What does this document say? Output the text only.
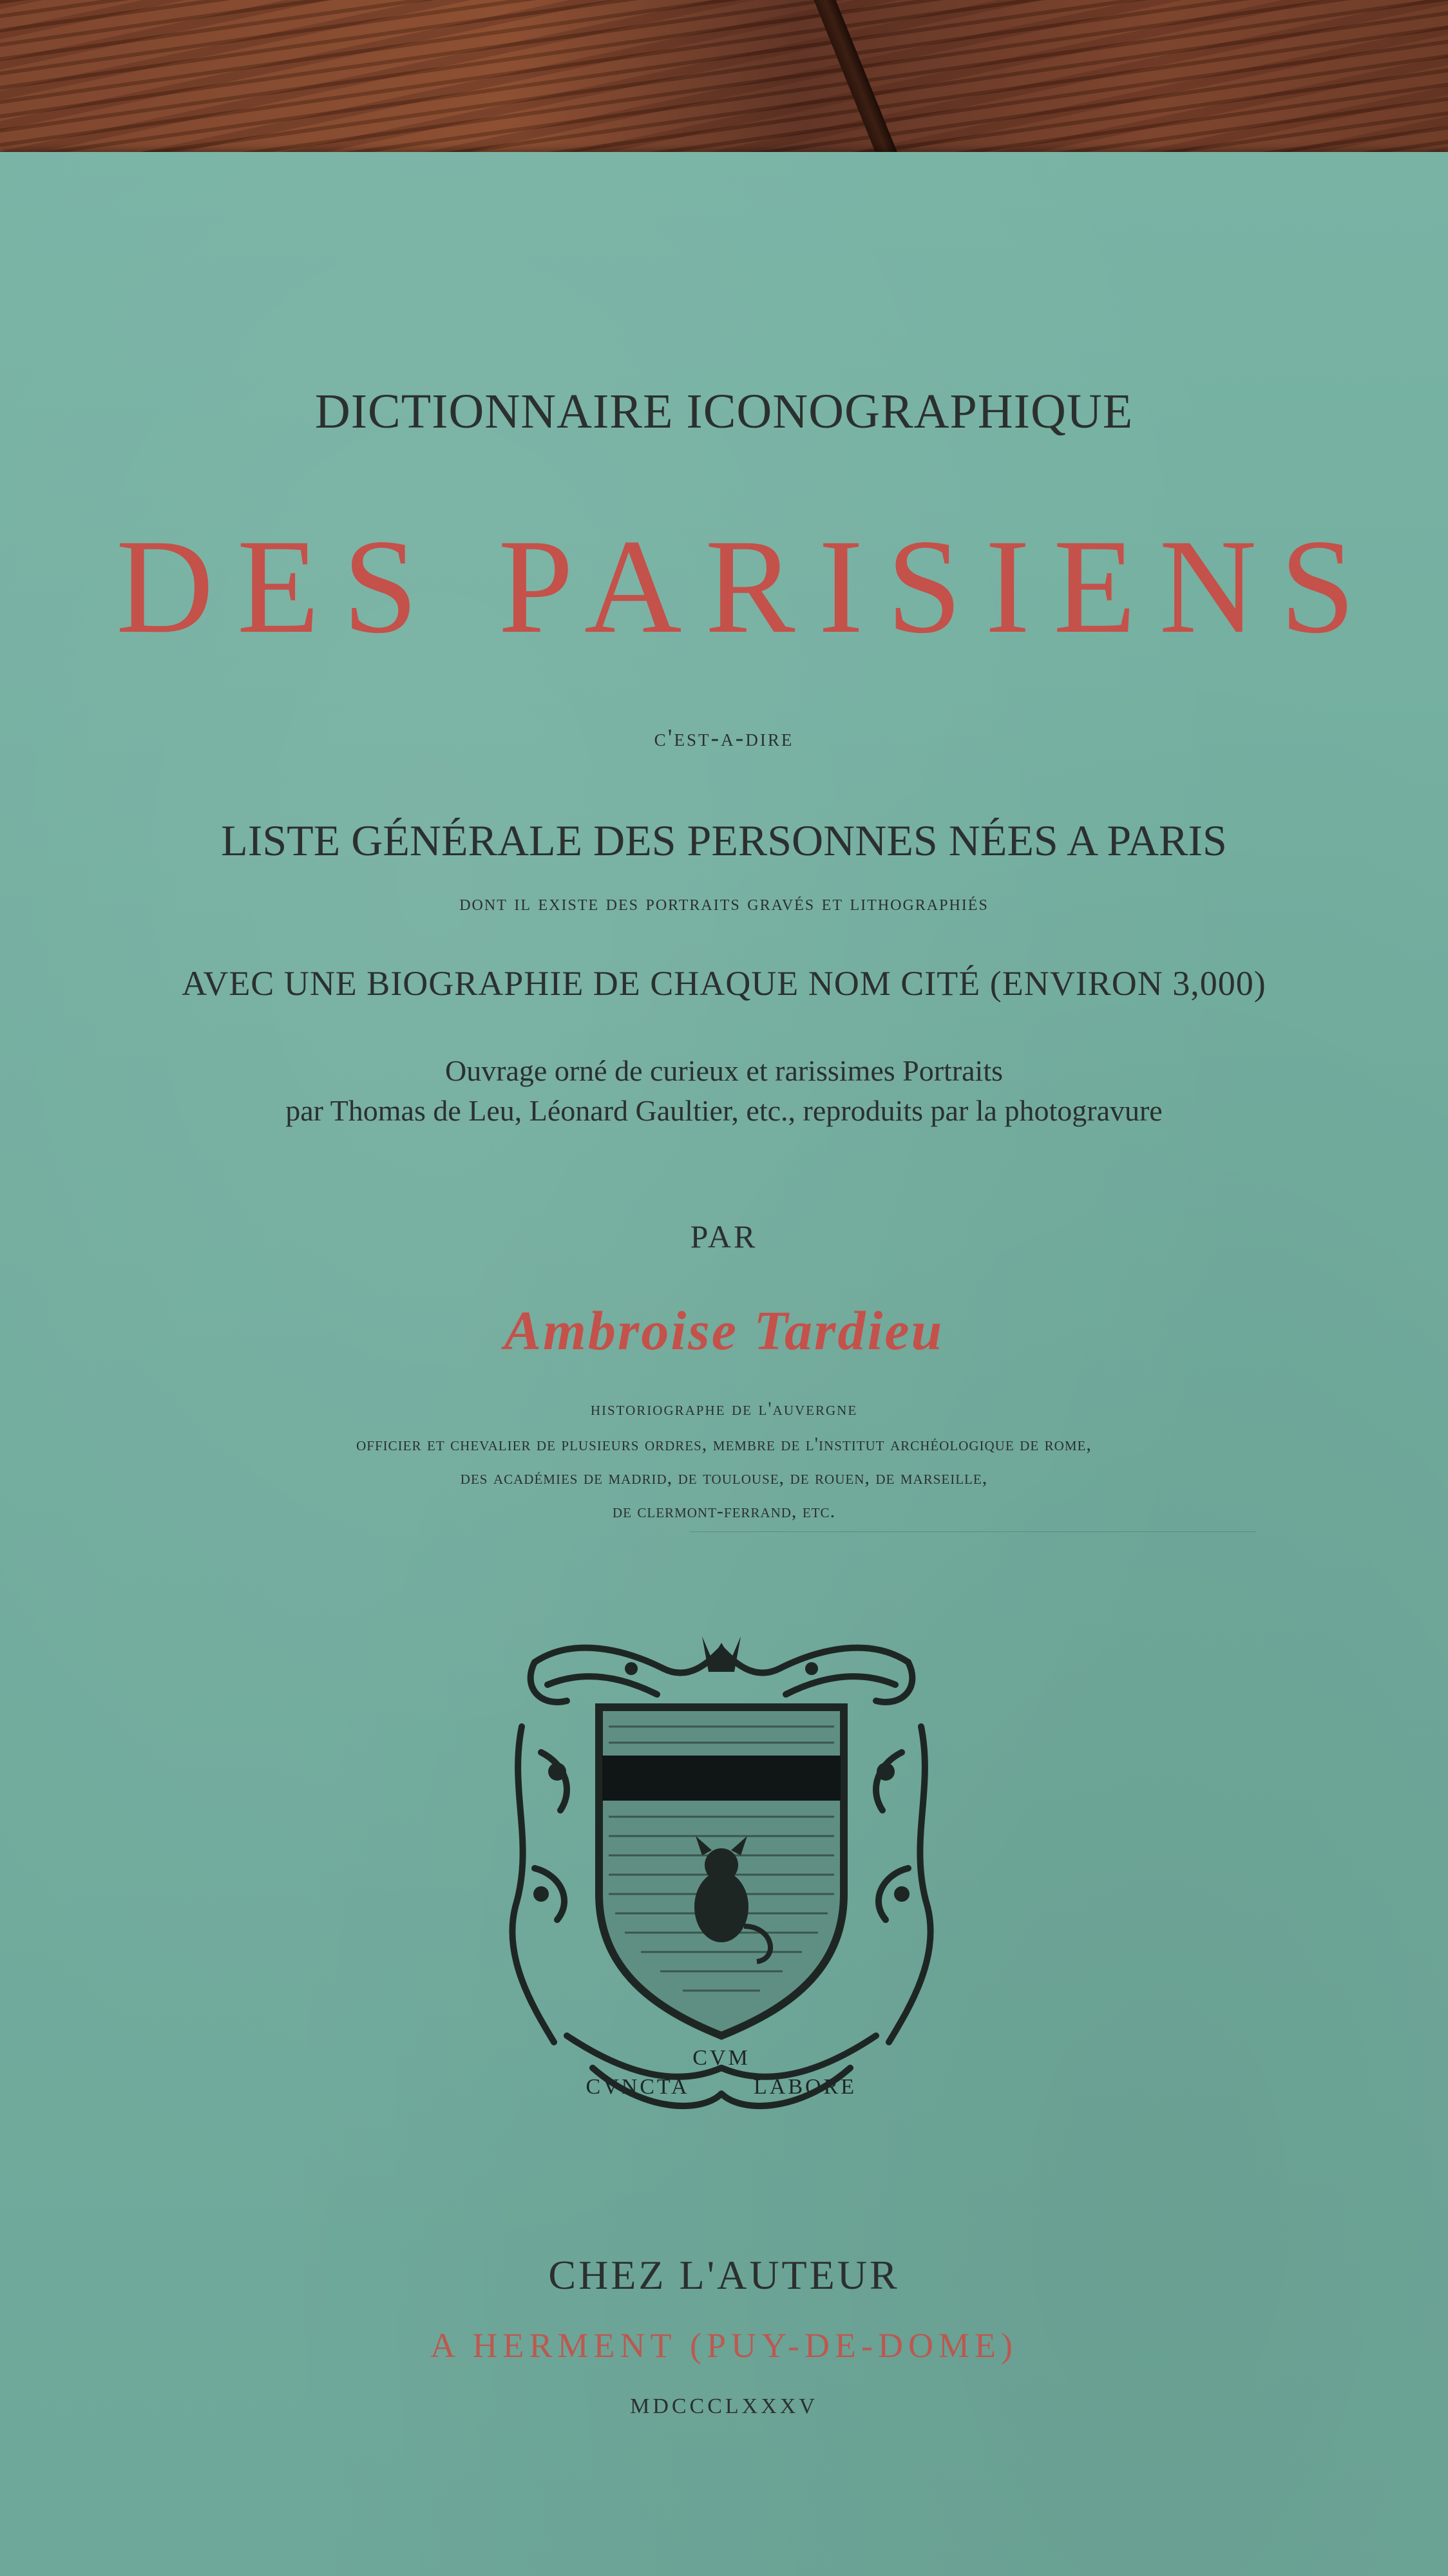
DICTIONNAIRE ICONOGRAPHIQUE
DES PARISIENS
c'est-a-dire
LISTE GÉNÉRALE DES PERSONNES NÉES A PARIS
dont il existe des portraits gravés et lithographiés
AVEC UNE BIOGRAPHIE DE CHAQUE NOM CITÉ (ENVIRON 3,000)
Ouvrage orné de curieux et rarissimes Portraits
par Thomas de Leu, Léonard Gaultier, etc., reproduits par la photogravure
PAR
Ambroise Tardieu
historiographe de l'auvergne
officier et chevalier de plusieurs ordres, membre de l'institut archéologique de rome,
des académies de madrid, de toulouse, de rouen, de marseille,
de clermont-ferrand, etc.
CVM
CVNCTA	LABORE
CHEZ L'AUTEUR
A HERMENT (PUY-DE-DOME)
MDCCCLXXXV
